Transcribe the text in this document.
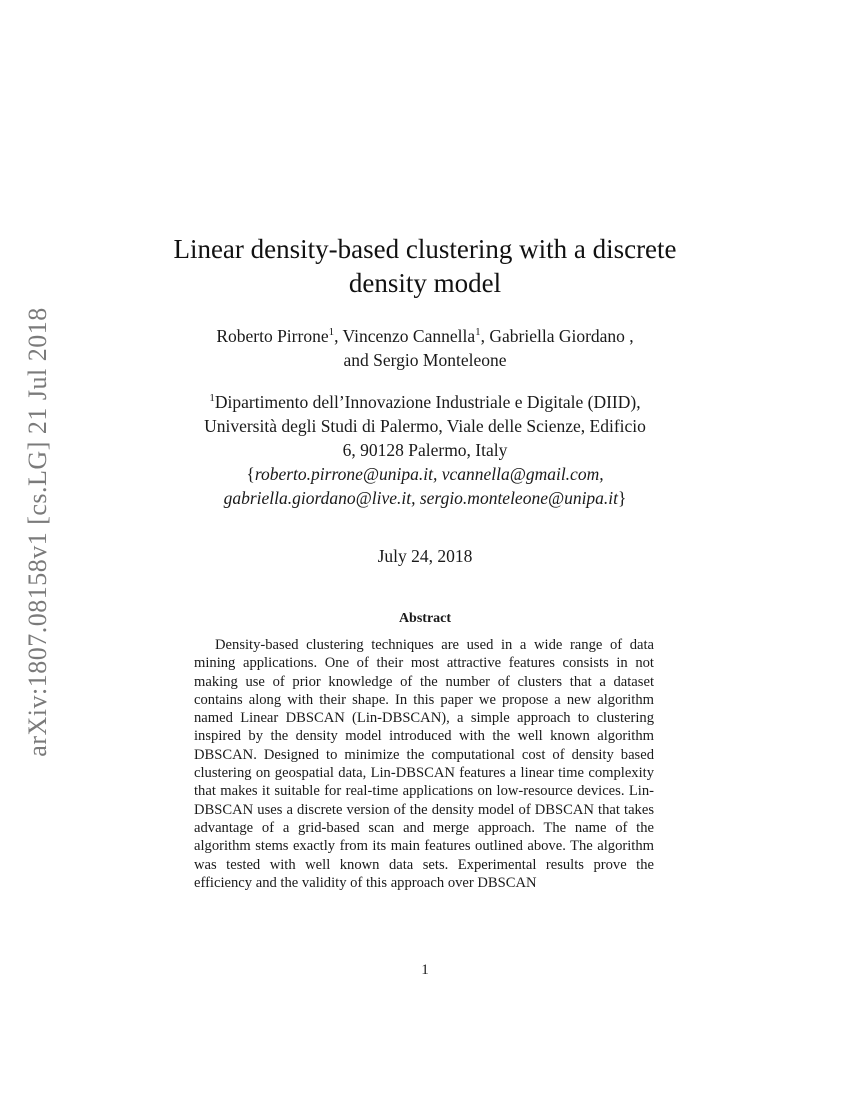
arXiv:1807.08158v1 [cs.LG] 21 Jul 2018
Linear density-based clustering with a discrete
density model
Roberto Pirrone$^1$, Vincenzo Cannella$^1$, Gabriella Giordano ,
and Sergio Monteleone
$^1$Dipartimento dell’Innovazione Industriale e Digitale (DIID),
Università degli Studi di Palermo, Viale delle Scienze, Edificio
6, 90128 Palermo, Italy
{roberto.pirrone@unipa.it, vcannella@gmail.com,
gabriella.giordano@live.it, sergio.monteleone@unipa.it}
July 24, 2018
Abstract
Density-based clustering techniques are used in a wide range of data mining applications. One of their most attractive features consists in not making use of prior knowledge of the number of clusters that a dataset contains along with their shape. In this paper we propose a new algorithm named Linear DBSCAN (Lin-DBSCAN), a simple approach to clustering inspired by the density model introduced with the well known algorithm DBSCAN. Designed to minimize the computational cost of density based clustering on geospatial data, Lin-DBSCAN features a linear time complexity that makes it suitable for real-time applications on low-resource devices. Lin-DBSCAN uses a discrete version of the density model of DBSCAN that takes advantage of a grid-based scan and merge approach. The name of the algorithm stems exactly from its main features outlined above. The algorithm was tested with well known data sets. Experimental results prove the efficiency and the validity of this approach over DBSCAN
1
